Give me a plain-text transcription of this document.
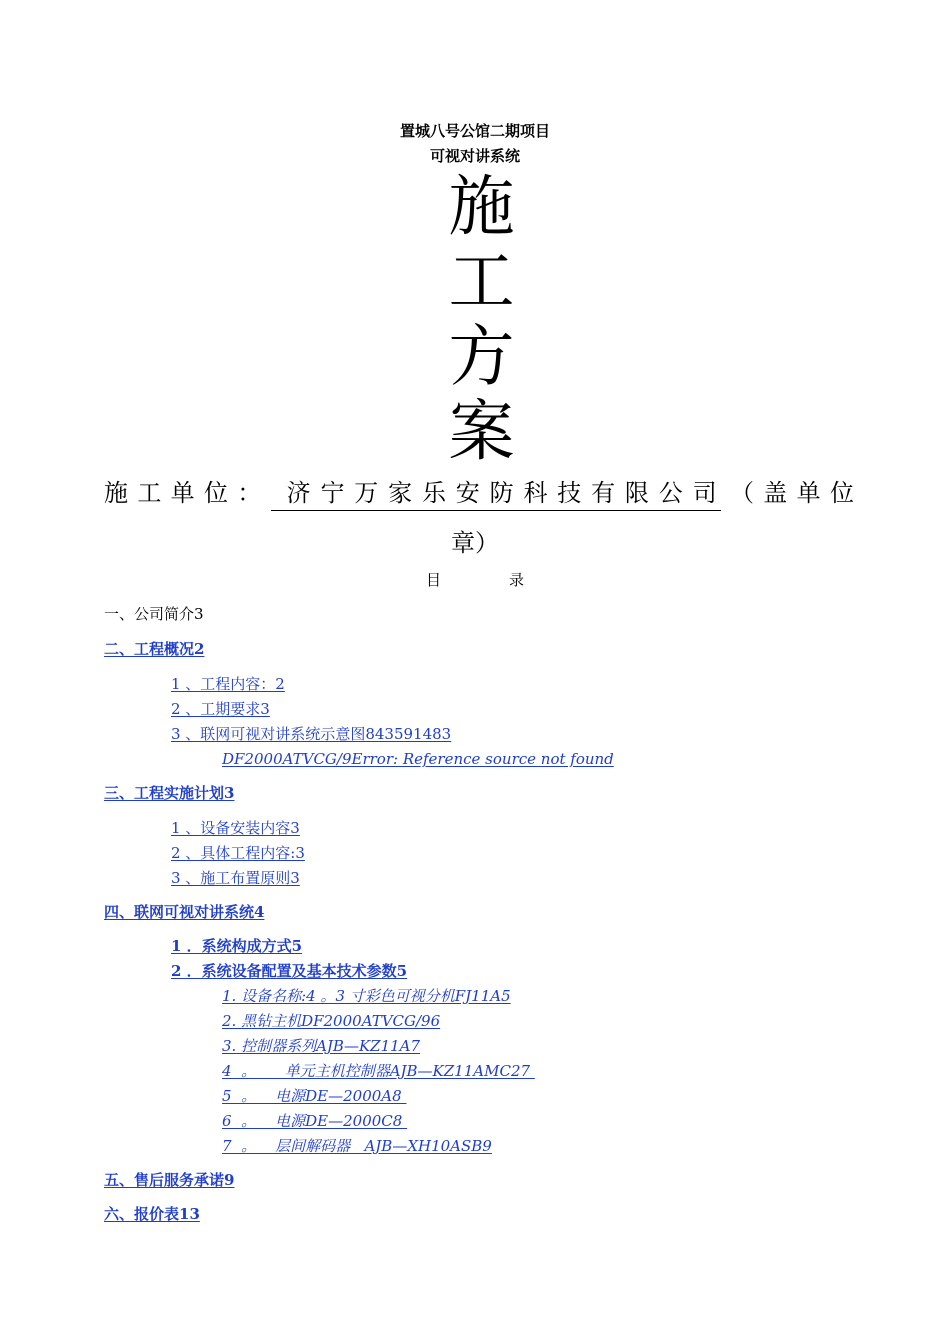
置城八号公馆二期项目
可视对讲系统
施
工
方
案
施 工 单 位 ： 济 宁 万 家 乐 安 防 科 技 有 限 公 司 （ 盖 单 位
章）
目	录
一、公司简介3
二、工程概况2
1 、工程内容：2
2 、工期要求3
3 、联网可视对讲系统示意图843591483
DF2000ATVCG/9Error: Reference source not found
三、工程实施计划3
1 、设备安装内容3
2 、具体工程内容:3
3 、施工布置原则3
四、联网可视对讲系统4
1 ．系统构成方式5
2 ．系统设备配置及基本技术参数5
1. 设备名称:4 。3 寸彩色可视分机FJ11A5
2. 黑钻主机DF2000ATVCG/96
3. 控制器系列AJB—KZ11A7
4  。      单元主机控制器AJB—KZ11AMC27
5  。    电源DE—2000A8
6  。    电源DE—2000C8
7  。    层间解码器   AJB—XH10ASB9
五、售后服务承诺9
六、报价表13
